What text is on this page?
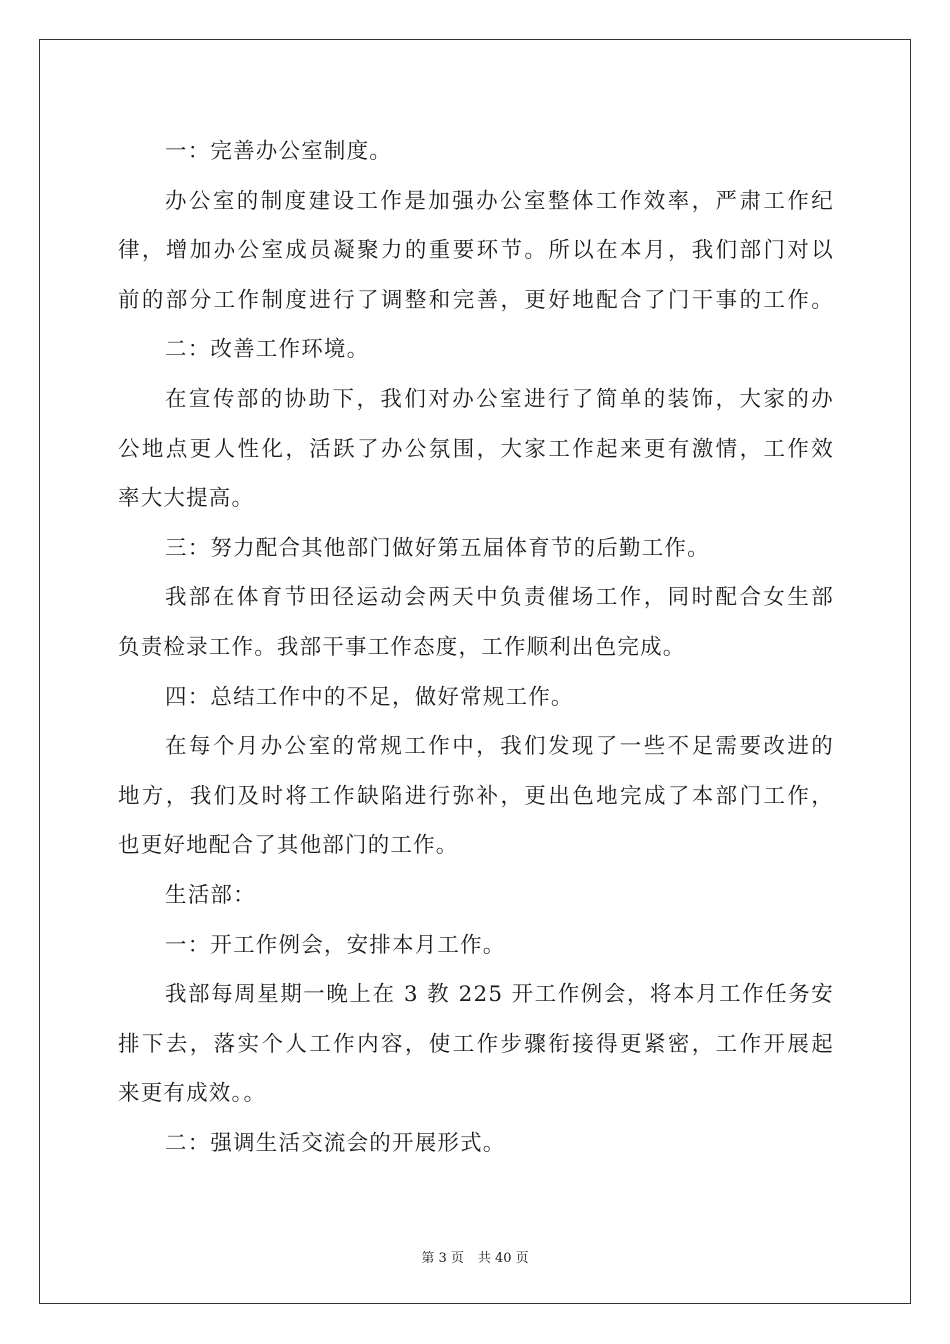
一：完善办公室制度。
办公室的制度建设工作是加强办公室整体工作效率，严肃工作纪
律，增加办公室成员凝聚力的重要环节。所以在本月，我们部门对以
前的部分工作制度进行了调整和完善，更好地配合了门干事的工作。
二：改善工作环境。
在宣传部的协助下，我们对办公室进行了简单的装饰，大家的办
公地点更人性化，活跃了办公氛围，大家工作起来更有激情，工作效
率大大提高。
三：努力配合其他部门做好第五届体育节的后勤工作。
我部在体育节田径运动会两天中负责催场工作，同时配合女生部
负责检录工作。我部干事工作态度，工作顺利出色完成。
四：总结工作中的不足，做好常规工作。
在每个月办公室的常规工作中，我们发现了一些不足需要改进的
地方，我们及时将工作缺陷进行弥补，更出色地完成了本部门工作，
也更好地配合了其他部门的工作。
生活部：
一：开工作例会，安排本月工作。
我部每周星期一晚上在 3 教 225 开工作例会，将本月工作任务安
排下去，落实个人工作内容，使工作步骤衔接得更紧密，工作开展起
来更有成效。。
二：强调生活交流会的开展形式。
第 3 页 共 40 页
